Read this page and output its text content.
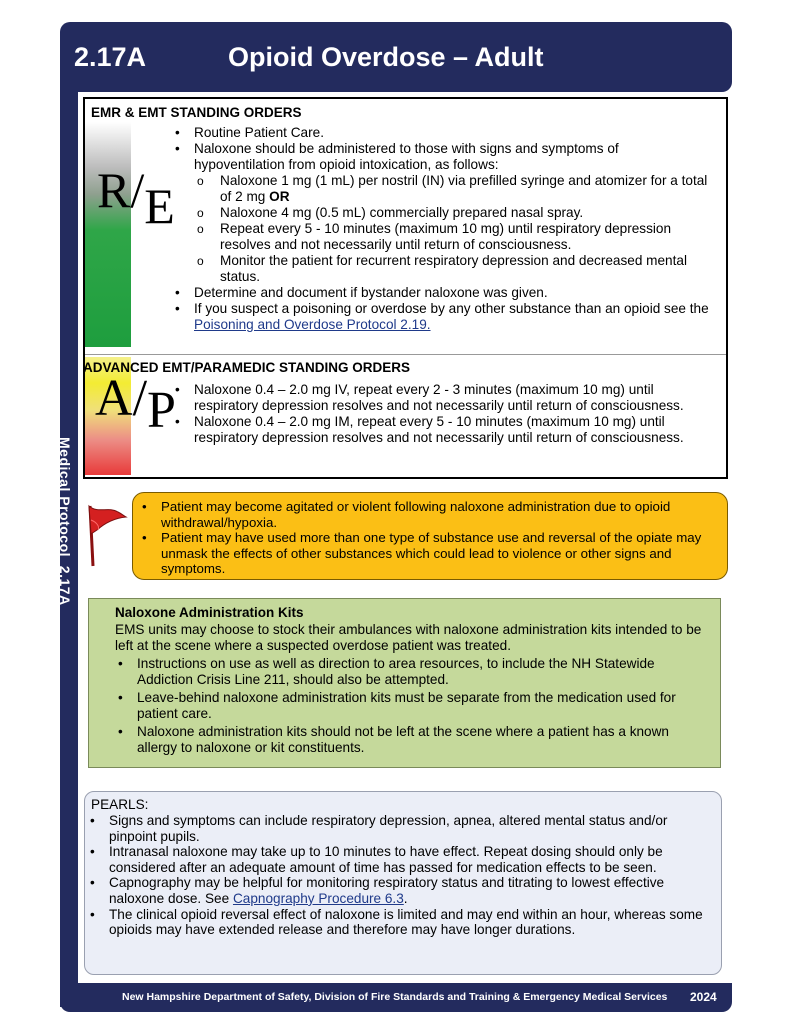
2.17A	Opioid Overdose – Adult
Medical Protocol  2.17A
R/E
A/P
EMR & EMT STANDING ORDERS
• Routine Patient Care.
• Naloxone should be administered to those with signs and symptoms of hypoventilation from opioid intoxication, as follows:
o Naloxone 1 mg (1 mL) per nostril (IN) via prefilled syringe and atomizer for a total of 2 mg OR
o Naloxone 4 mg (0.5 mL) commercially prepared nasal spray.
o Repeat every 5 - 10 minutes (maximum 10 mg) until respiratory depression resolves and not necessarily until return of consciousness.
o Monitor the patient for recurrent respiratory depression and decreased mental status.
• Determine and document if bystander naloxone was given.
• If you suspect a poisoning or overdose by any other substance than an opioid see the Poisoning and Overdose Protocol 2.19.
ADVANCED EMT/PARAMEDIC STANDING ORDERS
• Naloxone 0.4 – 2.0 mg IV, repeat every 2 - 3 minutes (maximum 10 mg) until respiratory depression resolves and not necessarily until return of consciousness.
• Naloxone 0.4 – 2.0 mg IM, repeat every 5 - 10 minutes (maximum 10 mg) until respiratory depression resolves and not necessarily until return of consciousness.
• Patient may become agitated or violent following naloxone administration due to opioid withdrawal/hypoxia.
• Patient may have used more than one type of substance use and reversal of the opiate may unmask the effects of other substances which could lead to violence or other signs and symptoms.
Naloxone Administration Kits
EMS units may choose to stock their ambulances with naloxone administration kits intended to be left at the scene where a suspected overdose patient was treated.
• Instructions on use as well as direction to area resources, to include the NH Statewide Addiction Crisis Line 211, should also be attempted.
• Leave-behind naloxone administration kits must be separate from the medication used for patient care.
• Naloxone administration kits should not be left at the scene where a patient has a known allergy to naloxone or kit constituents.
PEARLS:
• Signs and symptoms can include respiratory depression, apnea, altered mental status and/or pinpoint pupils.
• Intranasal naloxone may take up to 10 minutes to have effect. Repeat dosing should only be considered after an adequate amount of time has passed for medication effects to be seen.
• Capnography may be helpful for monitoring respiratory status and titrating to lowest effective naloxone dose. See Capnography Procedure 6.3.
• The clinical opioid reversal effect of naloxone is limited and may end within an hour, whereas some opioids may have extended release and therefore may have longer durations.
New Hampshire Department of Safety, Division of Fire Standards and Training & Emergency Medical Services 2024
